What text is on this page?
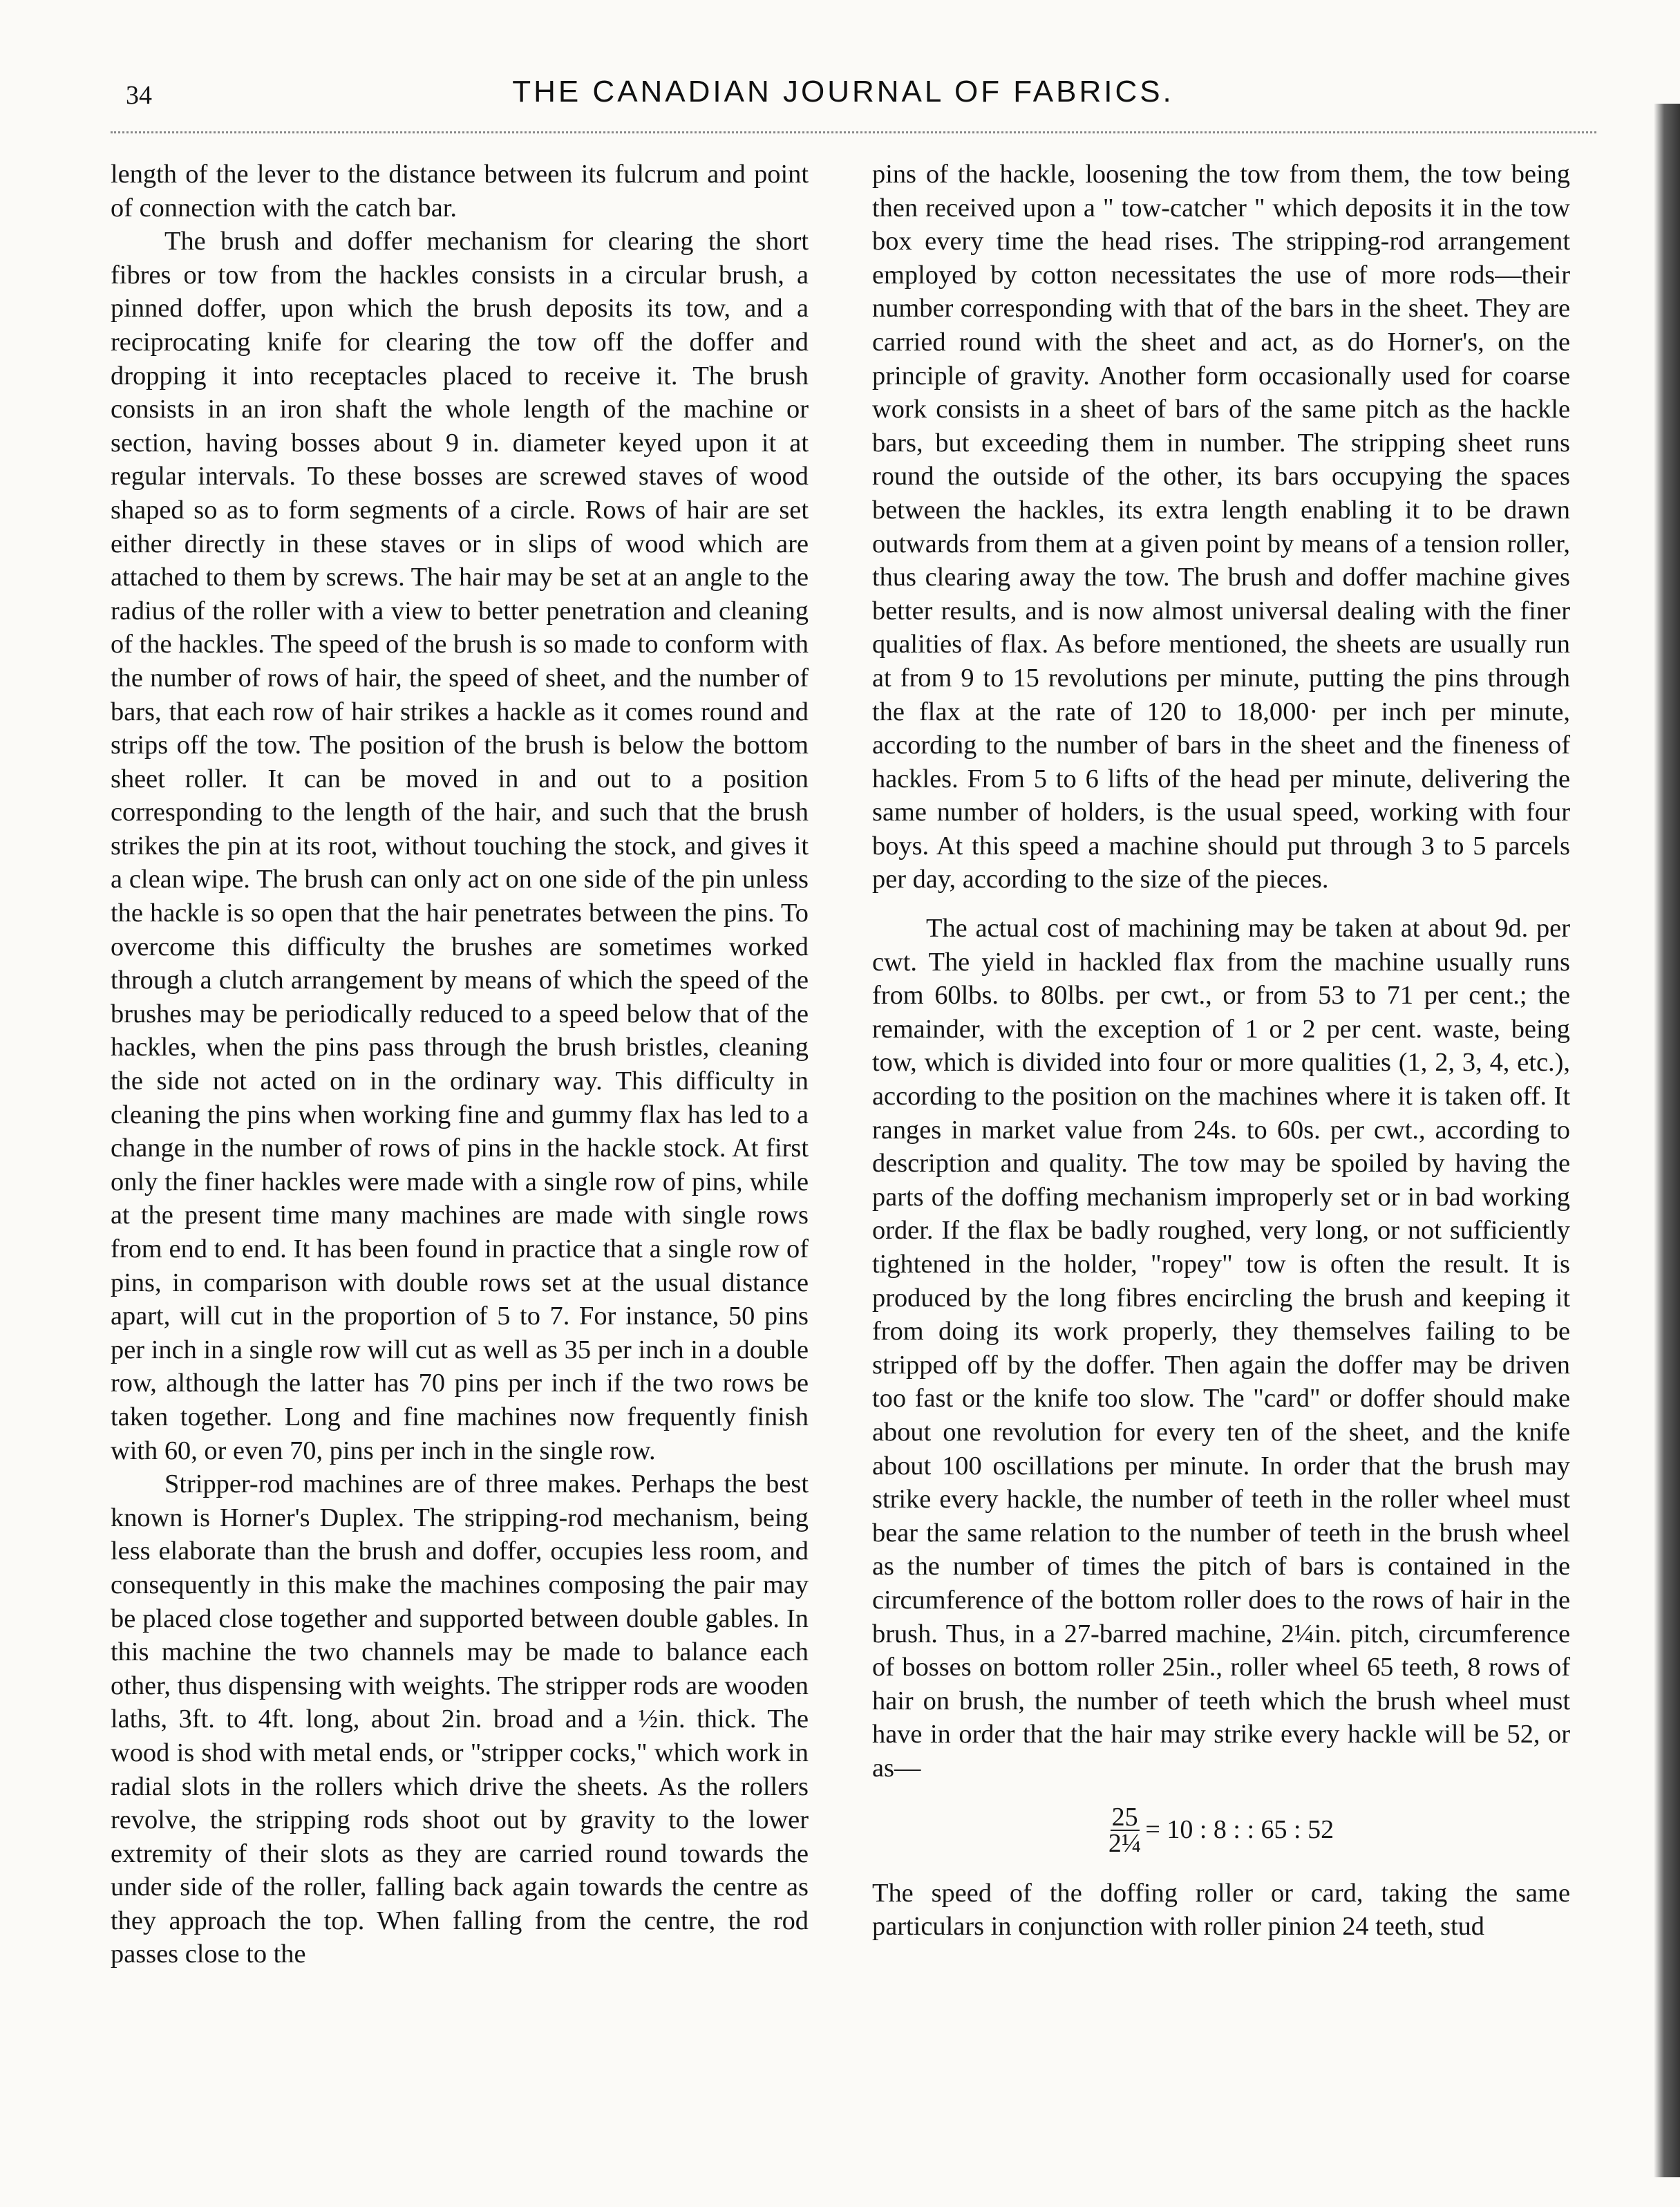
34	THE CANADIAN JOURNAL OF FABRICS.

length of the lever to the distance between its fulcrum and point of connection with the catch bar.

The brush and doffer mechanism for clearing the short fibres or tow from the hackles consists in a circular brush, a pinned doffer, upon which the brush deposits its tow, and a reciprocating knife for clearing the tow off the doffer and dropping it into receptacles placed to receive it. The brush consists in an iron shaft the whole length of the machine or section, having bosses about 9 in. diameter keyed upon it at regular intervals. To these bosses are screwed staves of wood shaped so as to form segments of a circle. Rows of hair are set either directly in these staves or in slips of wood which are attached to them by screws. The hair may be set at an angle to the radius of the roller with a view to better penetration and cleaning of the hackles. The speed of the brush is so made to conform with the number of rows of hair, the speed of sheet, and the number of bars, that each row of hair strikes a hackle as it comes round and strips off the tow. The position of the brush is below the bottom sheet roller. It can be moved in and out to a position corresponding to the length of the hair, and such that the brush strikes the pin at its root, without touching the stock, and gives it a clean wipe. The brush can only act on one side of the pin unless the hackle is so open that the hair penetrates between the pins. To overcome this difficulty the brushes are sometimes worked through a clutch arrangement by means of which the speed of the brushes may be periodically reduced to a speed below that of the hackles, when the pins pass through the brush bristles, cleaning the side not acted on in the ordinary way. This difficulty in cleaning the pins when working fine and gummy flax has led to a change in the number of rows of pins in the hackle stock. At first only the finer hackles were made with a single row of pins, while at the present time many machines are made with single rows from end to end. It has been found in practice that a single row of pins, in comparison with double rows set at the usual distance apart, will cut in the proportion of 5 to 7. For instance, 50 pins per inch in a single row will cut as well as 35 per inch in a double row, although the latter has 70 pins per inch if the two rows be taken together. Long and fine machines now frequently finish with 60, or even 70, pins per inch in the single row.

Stripper-rod machines are of three makes. Perhaps the best known is Horner's Duplex. The stripping-rod mechanism, being less elaborate than the brush and doffer, occupies less room, and consequently in this make the machines composing the pair may be placed close together and supported between double gables. In this machine the two channels may be made to balance each other, thus dispensing with weights. The stripper rods are wooden laths, 3ft. to 4ft. long, about 2in. broad and a ½in. thick. The wood is shod with metal ends, or "stripper cocks," which work in radial slots in the rollers which drive the sheets. As the rollers revolve, the stripping rods shoot out by gravity to the lower extremity of their slots as they are carried round towards the under side of the roller, falling back again towards the centre as they approach the top. When falling from the centre, the rod passes close to the

pins of the hackle, loosening the tow from them, the tow being then received upon a " tow-catcher " which deposits it in the tow box every time the head rises. The stripping-rod arrangement employed by cotton necessitates the use of more rods—their number corresponding with that of the bars in the sheet. They are carried round with the sheet and act, as do Horner's, on the principle of gravity. Another form occasionally used for coarse work consists in a sheet of bars of the same pitch as the hackle bars, but exceeding them in number. The stripping sheet runs round the outside of the other, its bars occupying the spaces between the hackles, its extra length enabling it to be drawn outwards from them at a given point by means of a tension roller, thus clearing away the tow. The brush and doffer machine gives better results, and is now almost universal dealing with the finer qualities of flax. As before mentioned, the sheets are usually run at from 9 to 15 revolutions per minute, putting the pins through the flax at the rate of 120 to 18,000· per inch per minute, according to the number of bars in the sheet and the fineness of hackles. From 5 to 6 lifts of the head per minute, delivering the same number of holders, is the usual speed, working with four boys. At this speed a machine should put through 3 to 5 parcels per day, according to the size of the pieces.

The actual cost of machining may be taken at about 9d. per cwt. The yield in hackled flax from the machine usually runs from 60lbs. to 80lbs. per cwt., or from 53 to 71 per cent.; the remainder, with the exception of 1 or 2 per cent. waste, being tow, which is divided into four or more qualities (1, 2, 3, 4, etc.), according to the position on the machines where it is taken off. It ranges in market value from 24s. to 60s. per cwt., according to description and quality. The tow may be spoiled by having the parts of the doffing mechanism improperly set or in bad working order. If the flax be badly roughed, very long, or not sufficiently tightened in the holder, "ropey" tow is often the result. It is produced by the long fibres encircling the brush and keeping it from doing its work properly, they themselves failing to be stripped off by the doffer. Then again the doffer may be driven too fast or the knife too slow. The "card" or doffer should make about one revolution for every ten of the sheet, and the knife about 100 oscillations per minute. In order that the brush may strike every hackle, the number of teeth in the roller wheel must bear the same relation to the number of teeth in the brush wheel as the number of times the pitch of bars is contained in the circumference of the bottom roller does to the rows of hair in the brush. Thus, in a 27-barred machine, 2¼in. pitch, circumference of bosses on bottom roller 25in., roller wheel 65 teeth, 8 rows of hair on brush, the number of teeth which the brush wheel must have in order that the hair may strike every hackle will be 52, or as—

$\frac{25}{\text{2¼}} = 10$ : 8 : : 65 : 52

The speed of the doffing roller or card, taking the same particulars in conjunction with roller pinion 24 teeth, stud
